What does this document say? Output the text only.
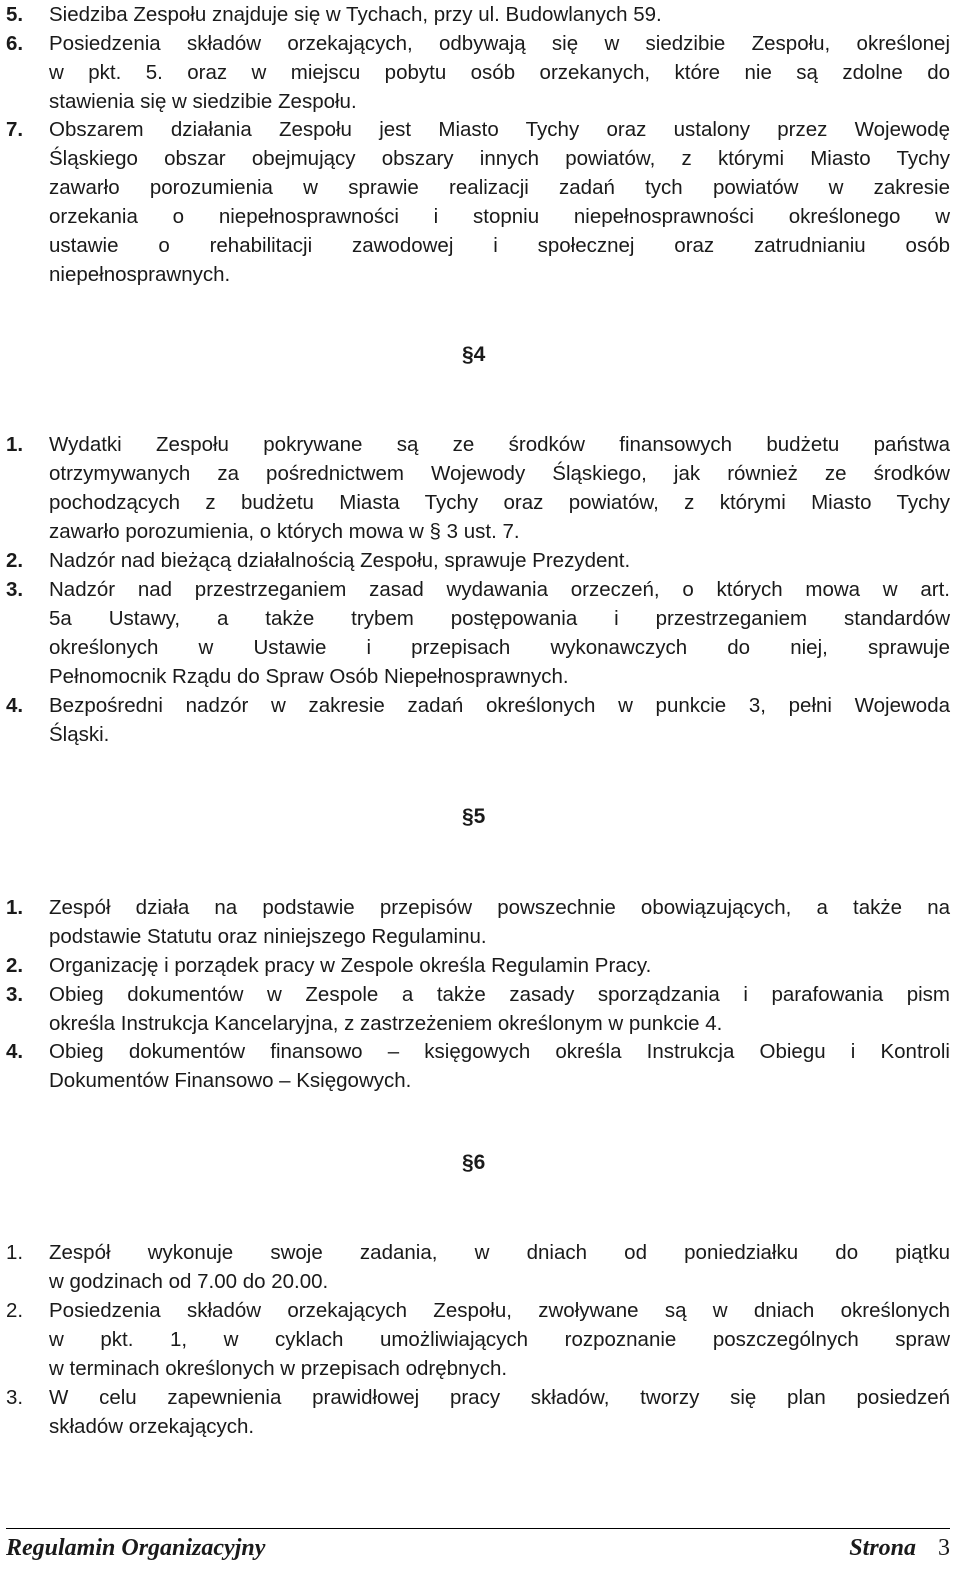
5. Siedziba Zespołu znajduje się w Tychach, przy ul. Budowlanych 59.
6. Posiedzenia składów orzekających, odbywają się w siedzibie Zespołu, określonej
w pkt. 5. oraz w miejscu pobytu osób orzekanych, które nie są zdolne do
stawienia się w siedzibie Zespołu.
7. Obszarem działania Zespołu jest Miasto Tychy oraz ustalony przez Wojewodę
Śląskiego obszar obejmujący obszary innych powiatów, z którymi Miasto Tychy
zawarło porozumienia w sprawie realizacji zadań tych powiatów w zakresie
orzekania o niepełnosprawności i stopniu niepełnosprawności określonego w
ustawie o rehabilitacji zawodowej i społecznej oraz zatrudnianiu osób
niepełnosprawnych.
§4
1. Wydatki Zespołu pokrywane są ze środków finansowych budżetu państwa
otrzymywanych za pośrednictwem Wojewody Śląskiego, jak również ze środków
pochodzących z budżetu Miasta Tychy oraz powiatów, z którymi Miasto Tychy
zawarło porozumienia, o których mowa w § 3 ust. 7.
2. Nadzór nad bieżącą działalnością Zespołu, sprawuje Prezydent.
3. Nadzór nad przestrzeganiem zasad wydawania orzeczeń, o których mowa w art.
5a Ustawy, a także trybem postępowania i przestrzeganiem standardów
określonych w Ustawie i przepisach wykonawczych do niej, sprawuje
Pełnomocnik Rządu do Spraw Osób Niepełnosprawnych.
4. Bezpośredni nadzór w zakresie zadań określonych w punkcie 3, pełni Wojewoda
Śląski.
§5
1. Zespół działa na podstawie przepisów powszechnie obowiązujących, a także na
podstawie Statutu oraz niniejszego Regulaminu.
2. Organizację i porządek pracy w Zespole określa Regulamin Pracy.
3. Obieg dokumentów w Zespole a także zasady sporządzania i parafowania pism
określa Instrukcja Kancelaryjna, z zastrzeżeniem określonym w punkcie 4.
4. Obieg dokumentów finansowo – księgowych określa Instrukcja Obiegu i Kontroli
Dokumentów Finansowo – Księgowych.
§6
1. Zespół wykonuje swoje zadania, w dniach od poniedziałku do piątku
w godzinach od 7.00 do 20.00.
2. Posiedzenia składów orzekających Zespołu, zwoływane są w dniach określonych
w pkt. 1, w cyklach umożliwiających rozpoznanie poszczególnych spraw
w terminach określonych w przepisach odrębnych.
3. W celu zapewnienia prawidłowej pracy składów, tworzy się plan posiedzeń
składów orzekających.
Regulamin Organizacyjny	Strona 3
